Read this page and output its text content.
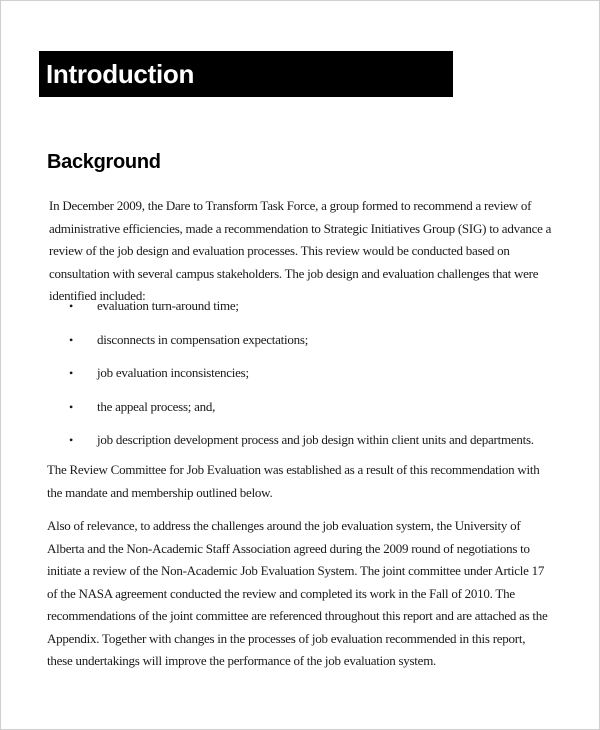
Introduction
Background

In December 2009, the Dare to Transform Task Force, a group formed to recommend a review of administrative efficiencies, made a recommendation to Strategic Initiatives Group (SIG) to advance a review of the job design and evaluation processes. This review would be conducted based on consultation with several campus stakeholders. The job design and evaluation challenges that were identified included:

• evaluation turn-around time;
• disconnects in compensation expectations;
• job evaluation inconsistencies;
• the appeal process; and,
• job description development process and job design within client units and departments.

The Review Committee for Job Evaluation was established as a result of this recommendation with the mandate and membership outlined below.

Also of relevance, to address the challenges around the job evaluation system, the University of Alberta and the Non-Academic Staff Association agreed during the 2009 round of negotiations to initiate a review of the Non-Academic Job Evaluation System. The joint committee under Article 17 of the NASA agreement conducted the review and completed its work in the Fall of 2010. The recommendations of the joint committee are referenced throughout this report and are attached as the Appendix. Together with changes in the processes of job evaluation recommended in this report, these undertakings will improve the performance of the job evaluation system.
